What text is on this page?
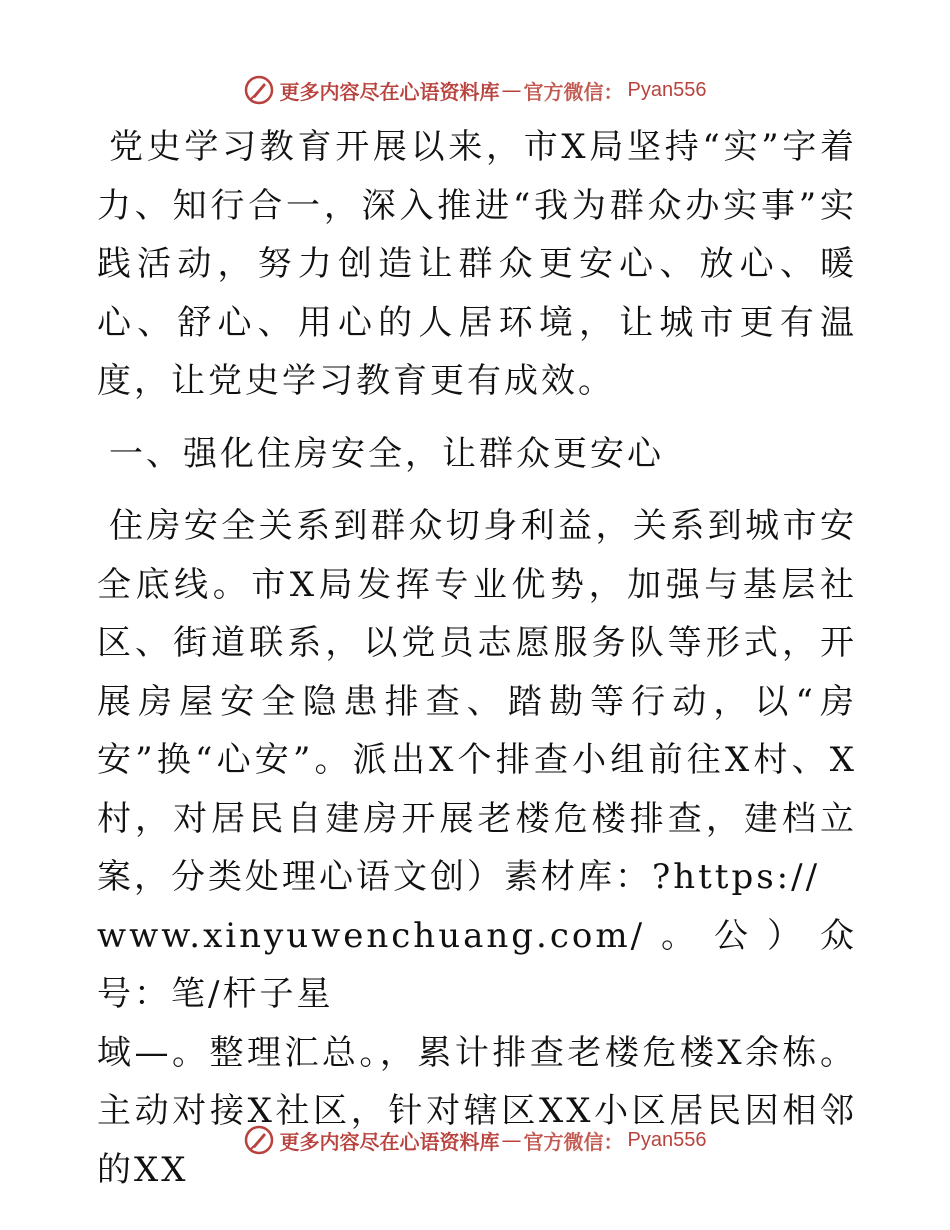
更多内容尽在心语资料库 — 官方微信： Pyan556

党史学习教育开展以来，市X局坚持“实”字着力、知行合一，深入推进“我为群众办实事”实践活动，努力创造让群众更安心、放心、暖心、舒心、用心的人居环境，让城市更有温度，让党史学习教育更有成效。

一、强化住房安全，让群众更安心

住房安全关系到群众切身利益，关系到城市安全底线。市X局发挥专业优势，加强与基层社区、街道联系，以党员志愿服务队等形式，开展房屋安全隐患排查、踏勘等行动，以“房安”换“心安”。派出X个排查小组前往X村、X村，对居民自建房开展老楼危楼排查，建档立案，分类处理心语文创）素材库：?https://

www.xinyuwenchuang.com/。公）众号：笔/杆子星

域—。整理汇总。，累计排查老楼危楼X余栋。主动对接X社区，针对辖区XX小区居民因相邻的XX

更多内容尽在心语资料库 — 官方微信： Pyan556
